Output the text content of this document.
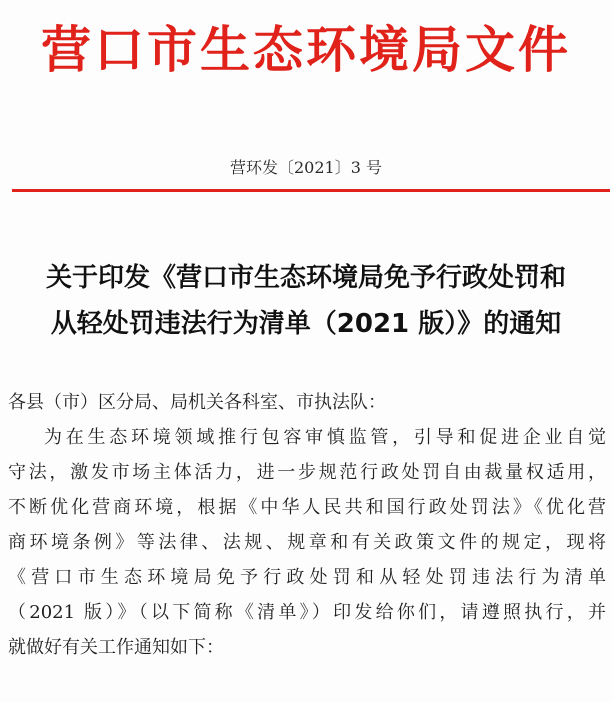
营口市生态环境局文件
营环发〔2021〕3 号
关于印发《营口市生态环境局免予行政处罚和
从轻处罚违法行为清单（2021 版）》的通知
各县（市）区分局、局机关各科室、市执法队：
为在生态环境领域推行包容审慎监管，引导和促进企业自觉
守法，激发市场主体活力，进一步规范行政处罚自由裁量权适用，
不断优化营商环境，根据《中华人民共和国行政处罚法》《优化营
商环境条例》等法律、法规、规章和有关政策文件的规定，现将
《营口市生态环境局免予行政处罚和从轻处罚违法行为清单
（2021 版）》（以下简称《清单》）印发给你们，请遵照执行，并
就做好有关工作通知如下：
